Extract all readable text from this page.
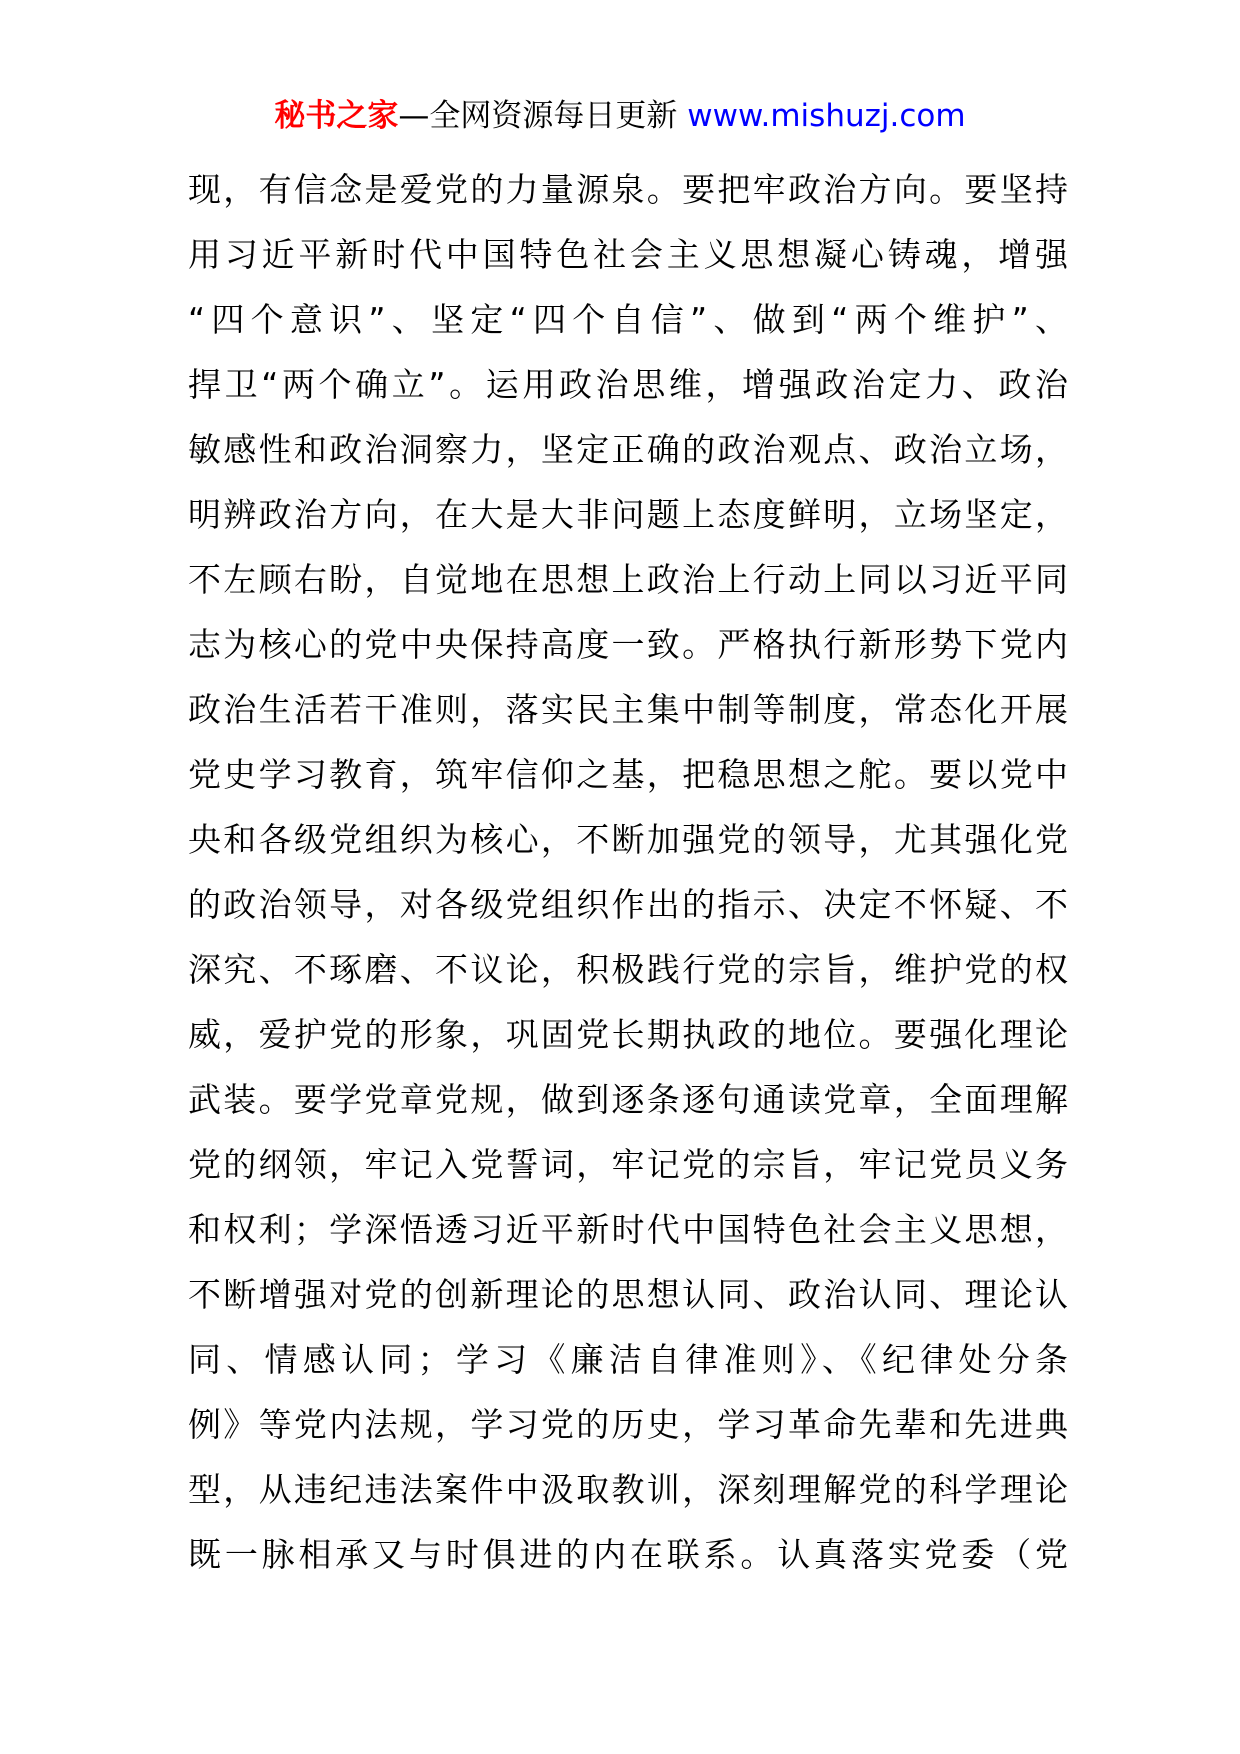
秘书之家—全网资源每日更新 www.mishuzj.com
现，有信念是爱党的力量源泉。要把牢政治方向。要坚持
用习近平新时代中国特色社会主义思想凝心铸魂，增强
“四个意识”、坚定“四个自信”、做到“两个维护”、
捍卫“两个确立”。运用政治思维，增强政治定力、政治
敏感性和政治洞察力，坚定正确的政治观点、政治立场，
明辨政治方向，在大是大非问题上态度鲜明，立场坚定，
不左顾右盼，自觉地在思想上政治上行动上同以习近平同
志为核心的党中央保持高度一致。严格执行新形势下党内
政治生活若干准则，落实民主集中制等制度，常态化开展
党史学习教育，筑牢信仰之基，把稳思想之舵。要以党中
央和各级党组织为核心，不断加强党的领导，尤其强化党
的政治领导，对各级党组织作出的指示、决定不怀疑、不
深究、不琢磨、不议论，积极践行党的宗旨，维护党的权
威，爱护党的形象，巩固党长期执政的地位。要强化理论
武装。要学党章党规，做到逐条逐句通读党章，全面理解
党的纲领，牢记入党誓词，牢记党的宗旨，牢记党员义务
和权利；学深悟透习近平新时代中国特色社会主义思想，
不断增强对党的创新理论的思想认同、政治认同、理论认
同、情感认同；学习《廉洁自律准则》、《纪律处分条
例》等党内法规，学习党的历史，学习革命先辈和先进典
型，从违纪违法案件中汲取教训，深刻理解党的科学理论
既一脉相承又与时俱进的内在联系。认真落实党委（党
